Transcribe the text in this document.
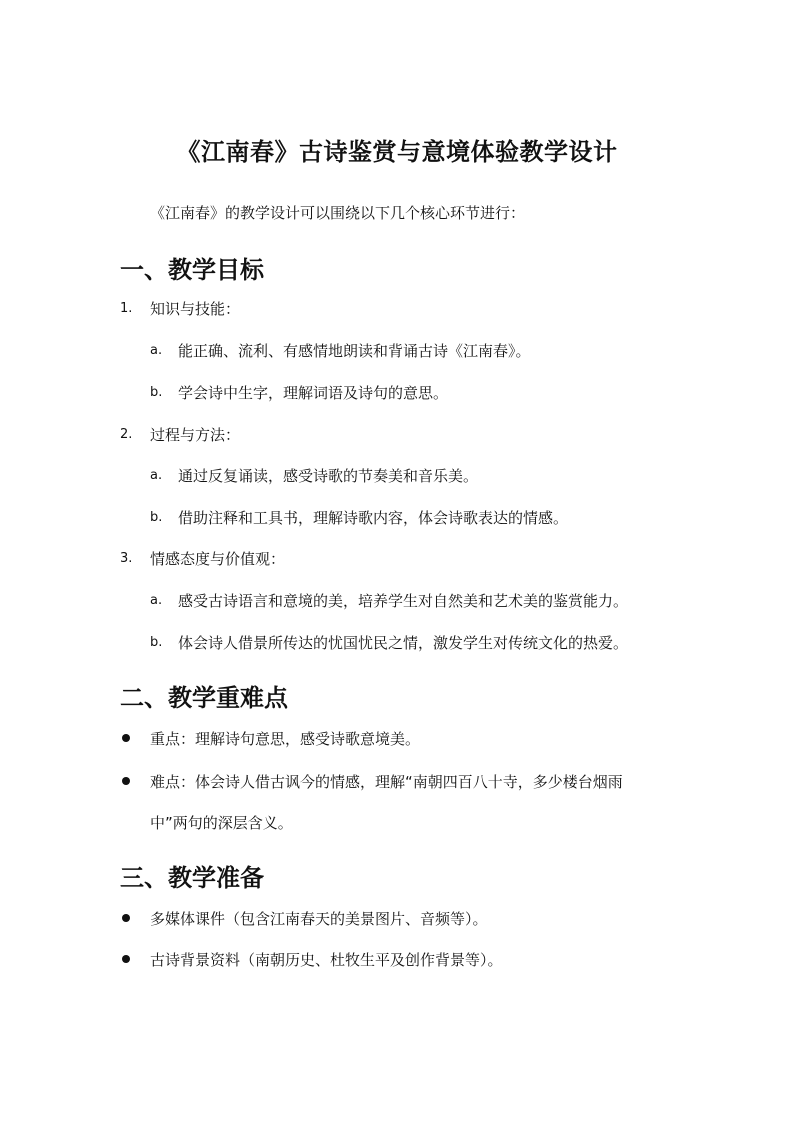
《江南春》古诗鉴赏与意境体验教学设计
《江南春》的教学设计可以围绕以下几个核心环节进行：
一、教学目标
1. 知识与技能：
a. 能正确、流利、有感情地朗读和背诵古诗《江南春》。
b. 学会诗中生字，理解词语及诗句的意思。
2. 过程与方法：
a. 通过反复诵读，感受诗歌的节奏美和音乐美。
b. 借助注释和工具书，理解诗歌内容，体会诗歌表达的情感。
3. 情感态度与价值观：
a. 感受古诗语言和意境的美，培养学生对自然美和艺术美的鉴赏能力。
b. 体会诗人借景所传达的忧国忧民之情，激发学生对传统文化的热爱。
二、教学重难点
重点：理解诗句意思，感受诗歌意境美。
难点：体会诗人借古讽今的情感，理解“南朝四百八十寺，多少楼台烟雨
中”两句的深层含义。
三、教学准备
多媒体课件（包含江南春天的美景图片、音频等）。
古诗背景资料（南朝历史、杜牧生平及创作背景等）。
